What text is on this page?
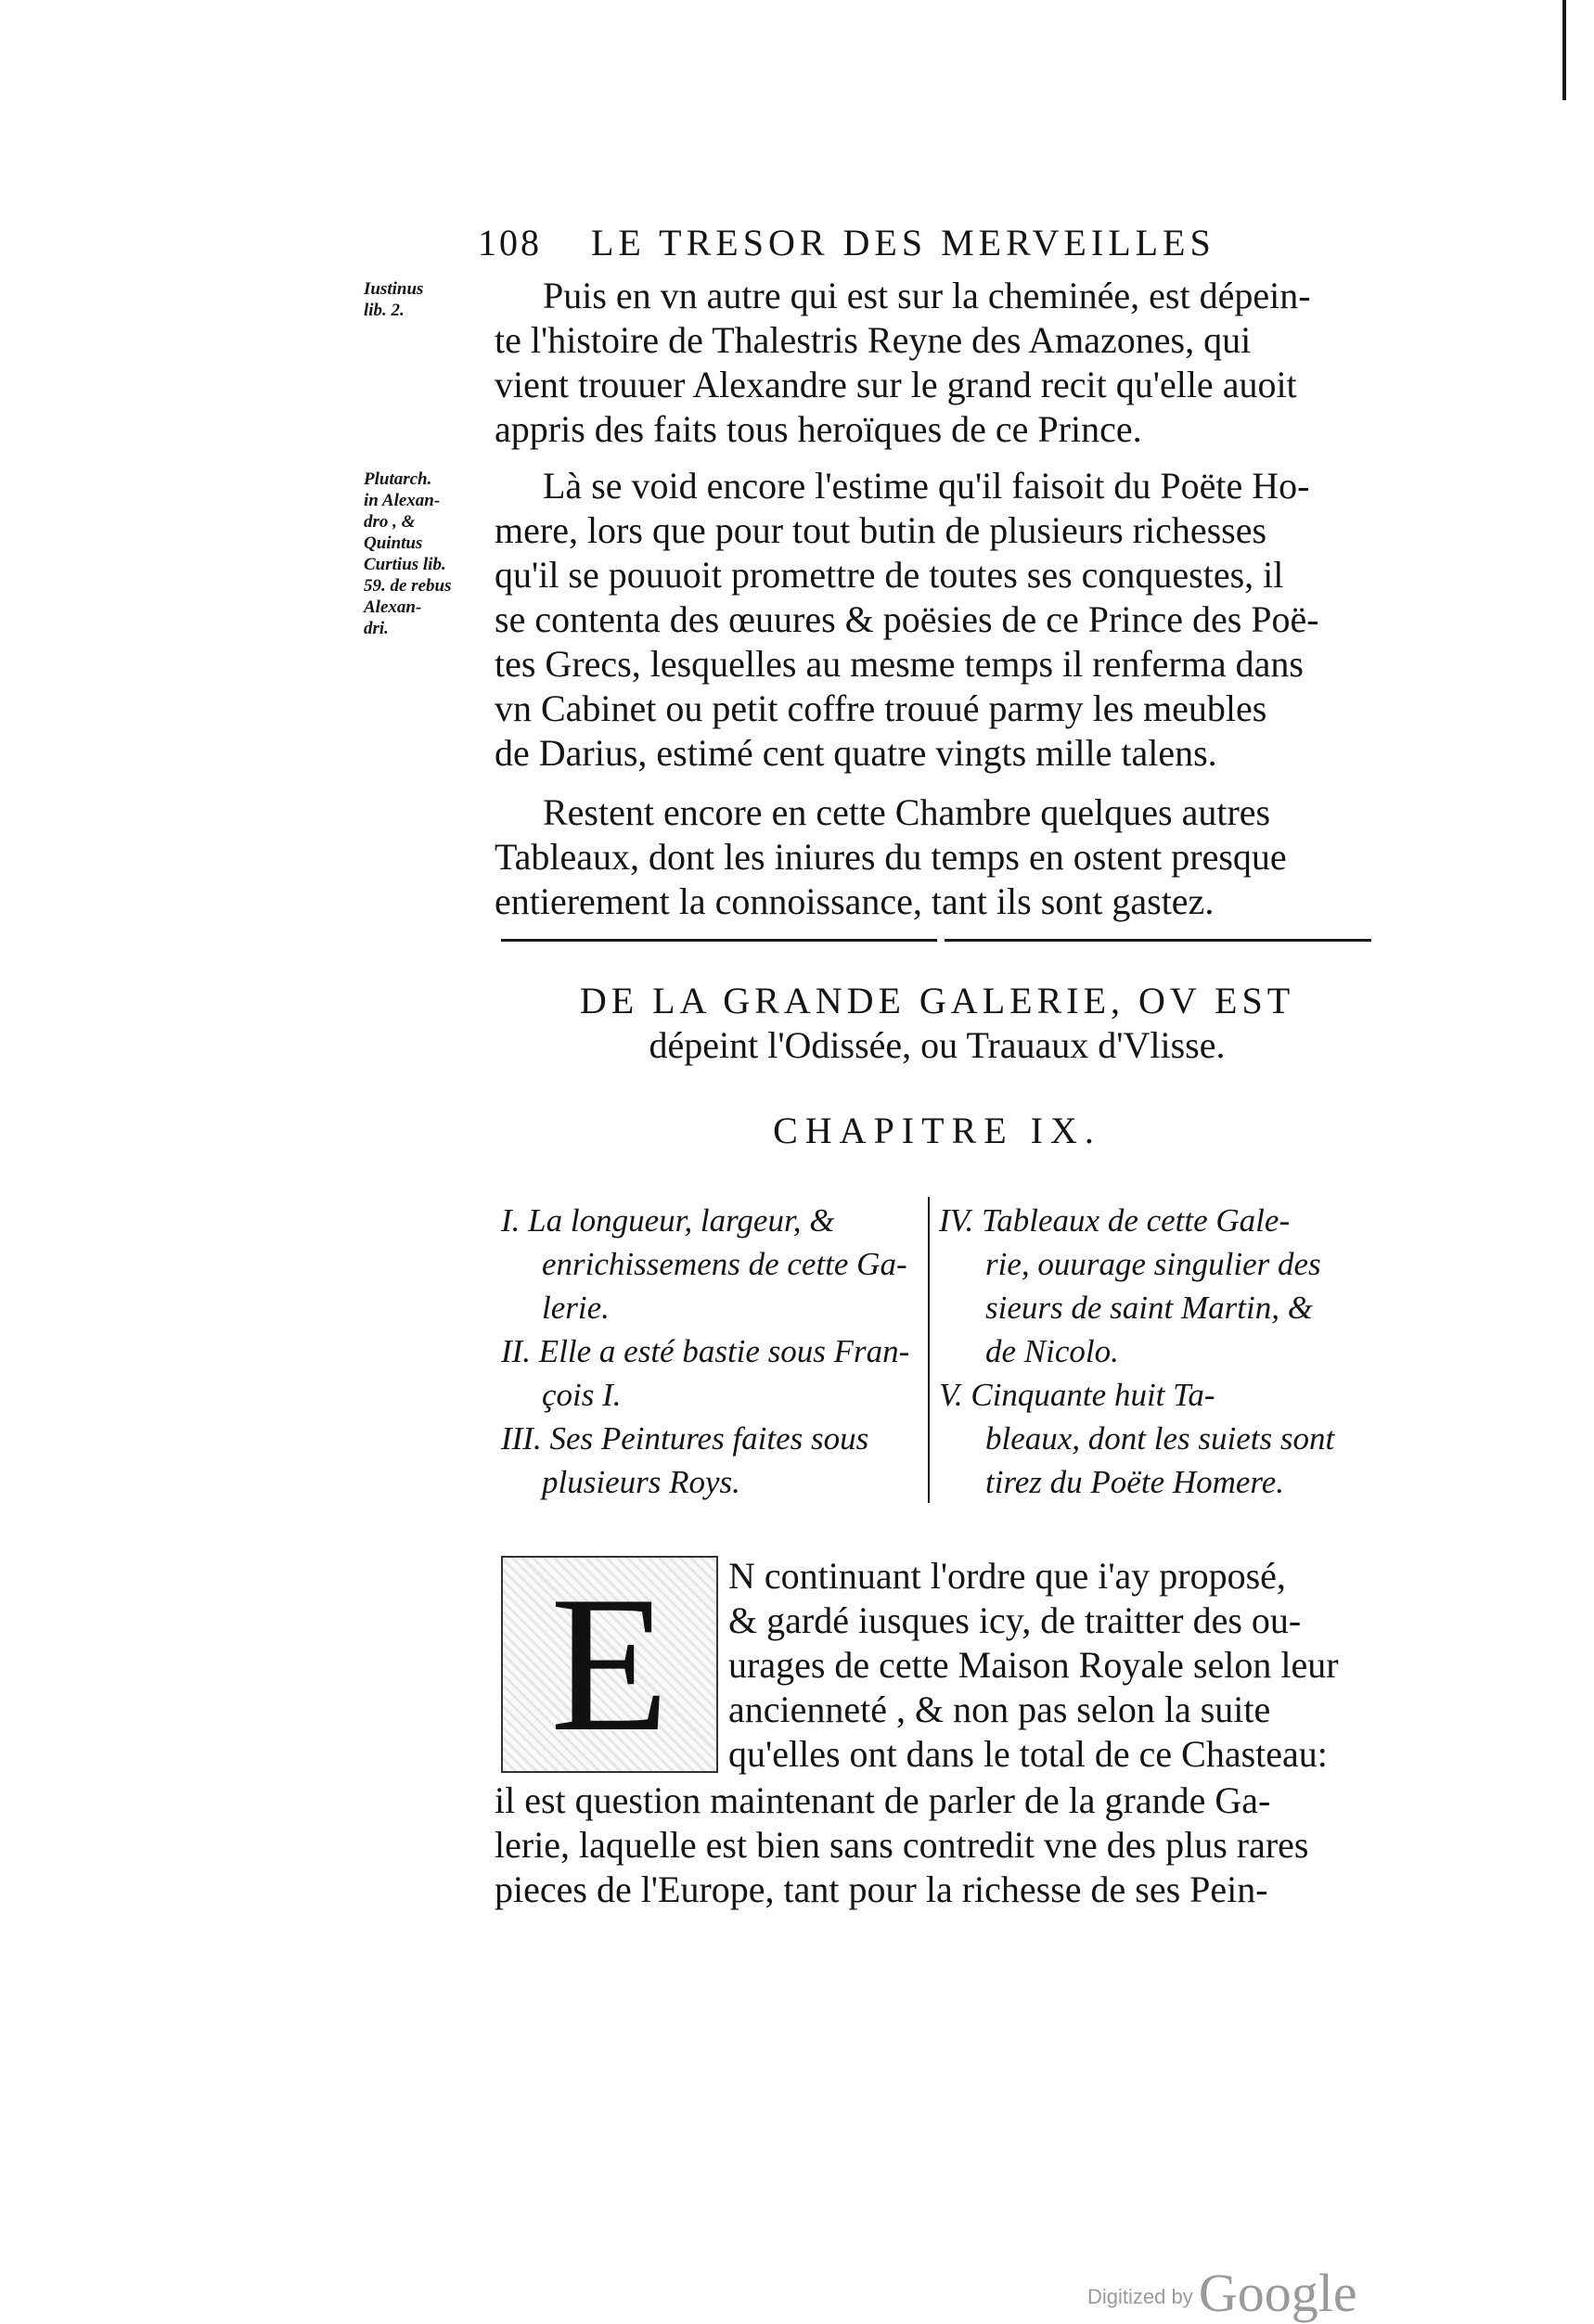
108 LE TRESOR DES MERVEILLES
Iustinus
lib. 2.
Plutarch.
in Alexan-
dro , &
Quintus
Curtius lib.
59. de rebus
Alexan-
dri.
Puis en vn autre qui est sur la cheminée, est dépein-
te l'histoire de Thalestris Reyne des Amazones, qui
vient trouuer Alexandre sur le grand recit qu'elle auoit
appris des faits tous heroïques de ce Prince.
Là se void encore l'estime qu'il faisoit du Poëte Ho-
mere, lors que pour tout butin de plusieurs richesses
qu'il se pouuoit promettre de toutes ses conquestes, il
se contenta des œuures & poësies de ce Prince des Poë-
tes Grecs, lesquelles au mesme temps il renferma dans
vn Cabinet ou petit coffre trouué parmy les meubles
de Darius, estimé cent quatre vingts mille talens.
Restent encore en cette Chambre quelques autres
Tableaux, dont les iniures du temps en ostent presque
entierement la connoissance, tant ils sont gastez.
DE LA GRANDE GALERIE, OV EST
dépeint l'Odissée, ou Trauaux d'Vlisse.
CHAPITRE IX.
I. La longueur, largeur, &
enrichissemens de cette Ga-
lerie.
II. Elle a esté bastie sous Fran-
çois I.
III. Ses Peintures faites sous
plusieurs Roys.
IV. Tableaux de cette Gale-
rie, ouurage singulier des
sieurs de saint Martin, &
de Nicolo.
V. Cinquante huit Ta-
bleaux, dont les suiets sont
tirez du Poëte Homere.
E	N continuant l'ordre que i'ay proposé,
& gardé iusques icy, de traitter des ou-
urages de cette Maison Royale selon leur
ancienneté , & non pas selon la suite
qu'elles ont dans le total de ce Chasteau:
il est question maintenant de parler de la grande Ga-
lerie, laquelle est bien sans contredit vne des plus rares
pieces de l'Europe, tant pour la richesse de ses Pein-
Digitized by Google
